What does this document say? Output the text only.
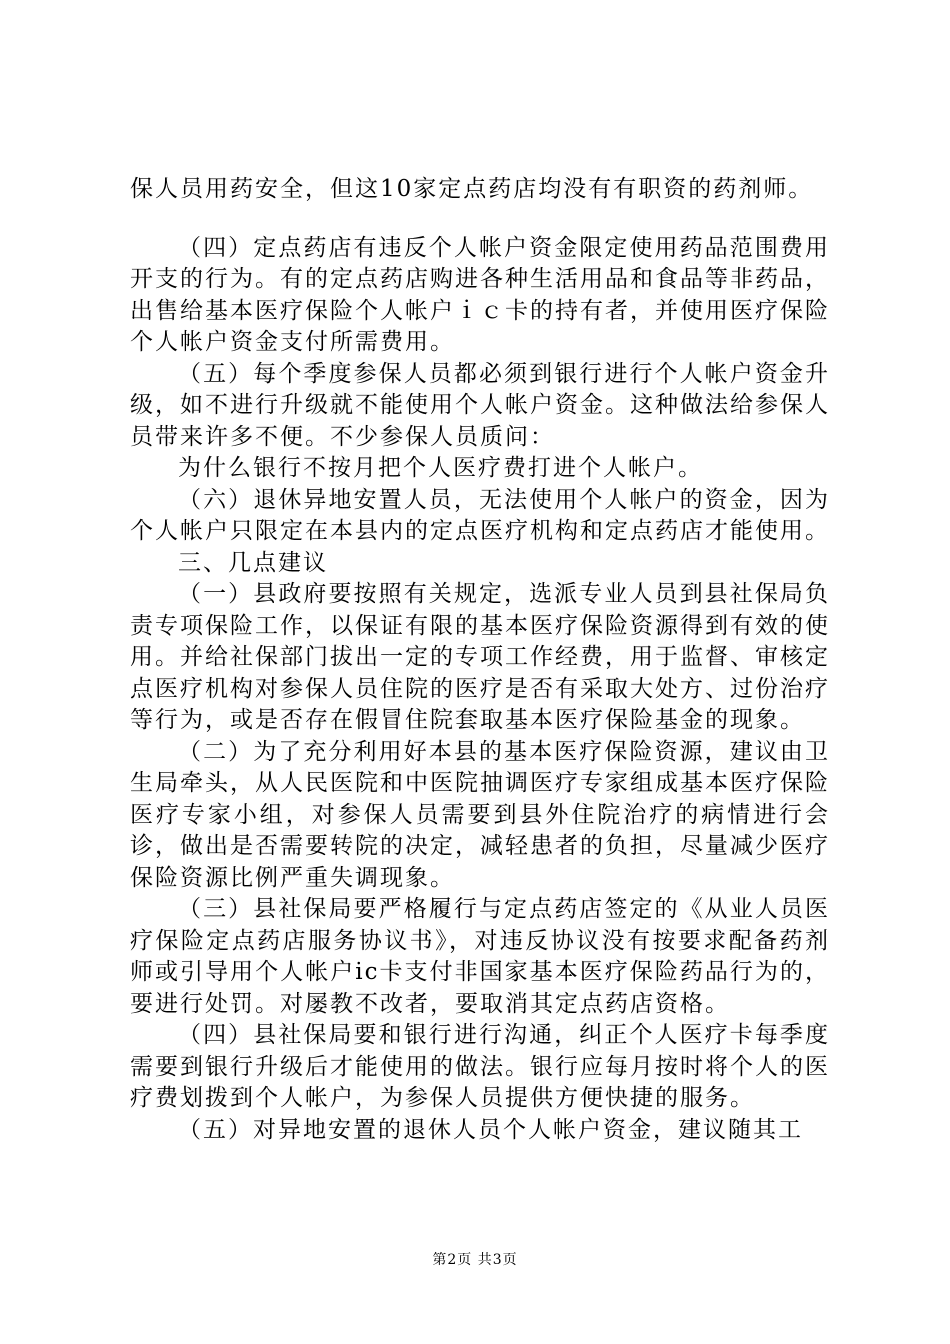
保人员用药安全，但这10家定点药店均没有有职资的药剂师。

（四）定点药店有违反个人帐户资金限定使用药品范围费用开支的行为。有的定点药店购进各种生活用品和食品等非药品，出售给基本医疗保险个人帐户ｉｃ卡的持有者，并使用医疗保险个人帐户资金支付所需费用。

（五）每个季度参保人员都必须到银行进行个人帐户资金升级，如不进行升级就不能使用个人帐户资金。这种做法给参保人员带来许多不便。不少参保人员质问：

为什么银行不按月把个人医疗费打进个人帐户。

（六）退休异地安置人员，无法使用个人帐户的资金，因为个人帐户只限定在本县内的定点医疗机构和定点药店才能使用。

三、几点建议

（一）县政府要按照有关规定，选派专业人员到县社保局负责专项保险工作，以保证有限的基本医疗保险资源得到有效的使用。并给社保部门拔出一定的专项工作经费，用于监督、审核定点医疗机构对参保人员住院的医疗是否有采取大处方、过份治疗等行为，或是否存在假冒住院套取基本医疗保险基金的现象。

（二）为了充分利用好本县的基本医疗保险资源，建议由卫生局牵头，从人民医院和中医院抽调医疗专家组成基本医疗保险医疗专家小组，对参保人员需要到县外住院治疗的病情进行会诊，做出是否需要转院的决定，减轻患者的负担，尽量减少医疗保险资源比例严重失调现象。

（三）县社保局要严格履行与定点药店签定的《从业人员医疗保险定点药店服务协议书》，对违反协议没有按要求配备药剂师或引导用个人帐户ic卡支付非国家基本医疗保险药品行为的，要进行处罚。对屡教不改者，要取消其定点药店资格。

（四）县社保局要和银行进行沟通，纠正个人医疗卡每季度需要到银行升级后才能使用的做法。银行应每月按时将个人的医疗费划拨到个人帐户，为参保人员提供方便快捷的服务。

（五）对异地安置的退休人员个人帐户资金，建议随其工

第2页 共3页
